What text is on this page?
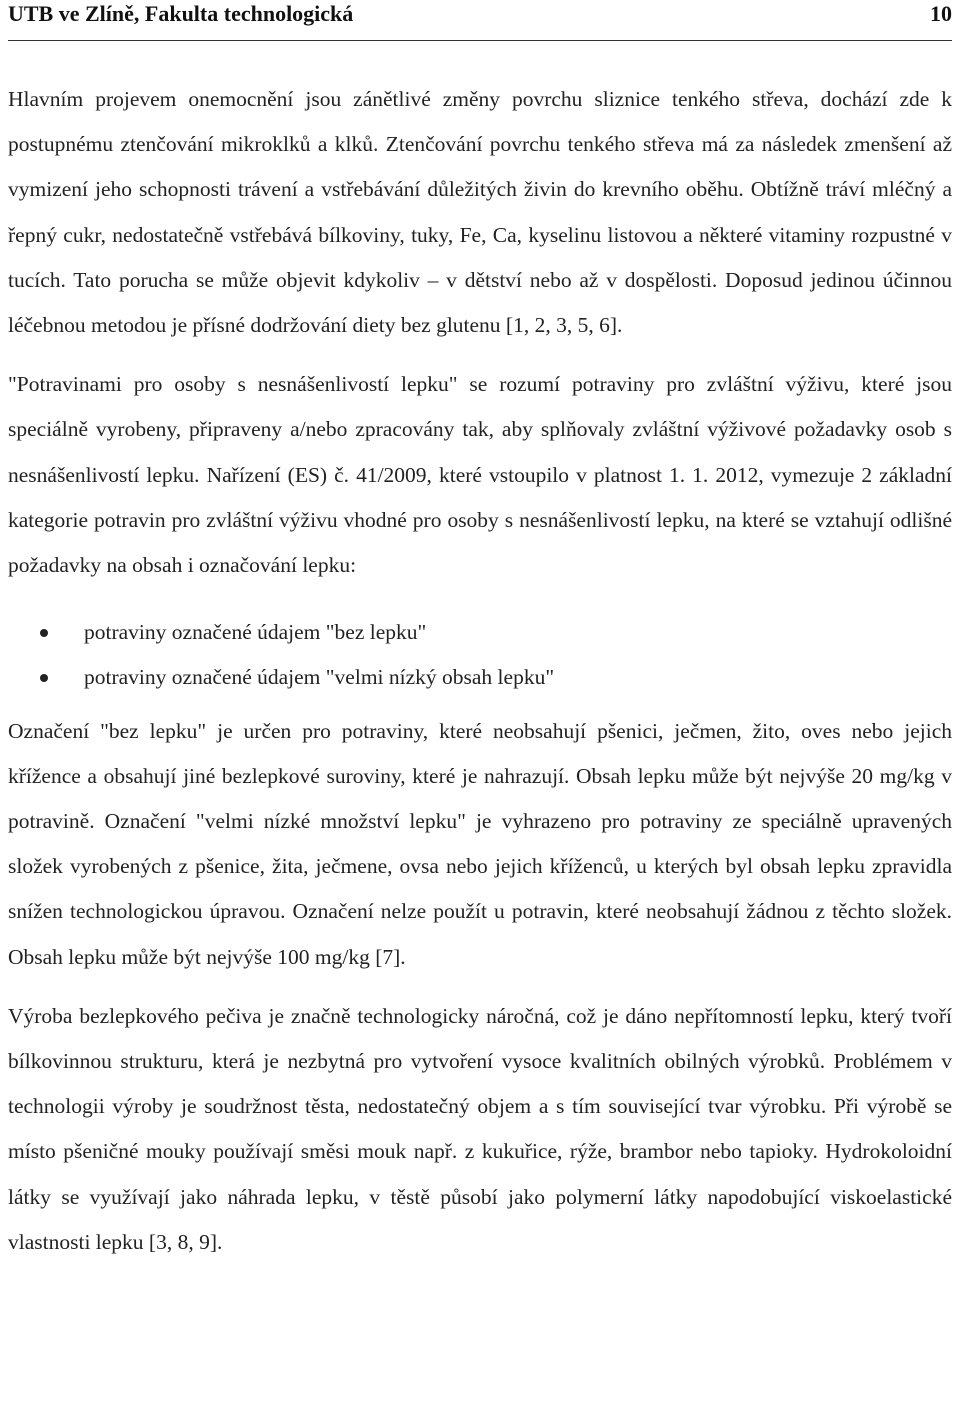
UTB ve Zlíně, Fakulta technologická	10

Hlavním projevem onemocnění jsou zánětlivé změny povrchu sliznice tenkého střeva, dochází zde k postupnému ztenčování mikroklků a klků. Ztenčování povrchu tenkého střeva má za následek zmenšení až vymizení jeho schopnosti trávení a vstřebávání důležitých živin do krevního oběhu. Obtížně tráví mléčný a řepný cukr, nedostatečně vstřebává bílkoviny, tuky, Fe, Ca, kyselinu listovou a některé vitaminy rozpustné v tucích. Tato porucha se může objevit kdykoliv – v dětství nebo až v dospělosti. Doposud jedinou účinnou léčebnou metodou je přísné dodržování diety bez glutenu [1, 2, 3, 5, 6].

"Potravinami pro osoby s nesnášenlivostí lepku" se rozumí potraviny pro zvláštní výživu, které jsou speciálně vyrobeny, připraveny a/nebo zpracovány tak, aby splňovaly zvláštní výživové požadavky osob s nesnášenlivostí lepku. Nařízení (ES) č. 41/2009, které vstoupilo v platnost 1. 1. 2012, vymezuje 2 základní kategorie potravin pro zvláštní výživu vhodné pro osoby s nesnášenlivostí lepku, na které se vztahují odlišné požadavky na obsah i označování lepku:

potraviny označené údajem "bez lepku"
potraviny označené údajem "velmi nízký obsah lepku"

Označení "bez lepku" je určen pro potraviny, které neobsahují pšenici, ječmen, žito, oves nebo jejich křížence a obsahují jiné bezlepkové suroviny, které je nahrazují. Obsah lepku může být nejvýše 20 mg/kg v potravině. Označení "velmi nízké množství lepku" je vyhrazeno pro potraviny ze speciálně upravených složek vyrobených z pšenice, žita, ječmene, ovsa nebo jejich kříženců, u kterých byl obsah lepku zpravidla snížen technologickou úpravou. Označení nelze použít u potravin, které neobsahují žádnou z těchto složek. Obsah lepku může být nejvýše 100 mg/kg [7].

Výroba bezlepkového pečiva je značně technologicky náročná, což je dáno nepřítomností lepku, který tvoří bílkovinnou strukturu, která je nezbytná pro vytvoření vysoce kvalitních obilných výrobků. Problémem v technologii výroby je soudržnost těsta, nedostatečný objem a s tím související tvar výrobku. Při výrobě se místo pšeničné mouky používají směsi mouk např. z kukuřice, rýže, brambor nebo tapioky. Hydrokoloidní látky se využívají jako náhrada lepku, v těstě působí jako polymerní látky napodobující viskoelastické vlastnosti lepku [3, 8, 9].
